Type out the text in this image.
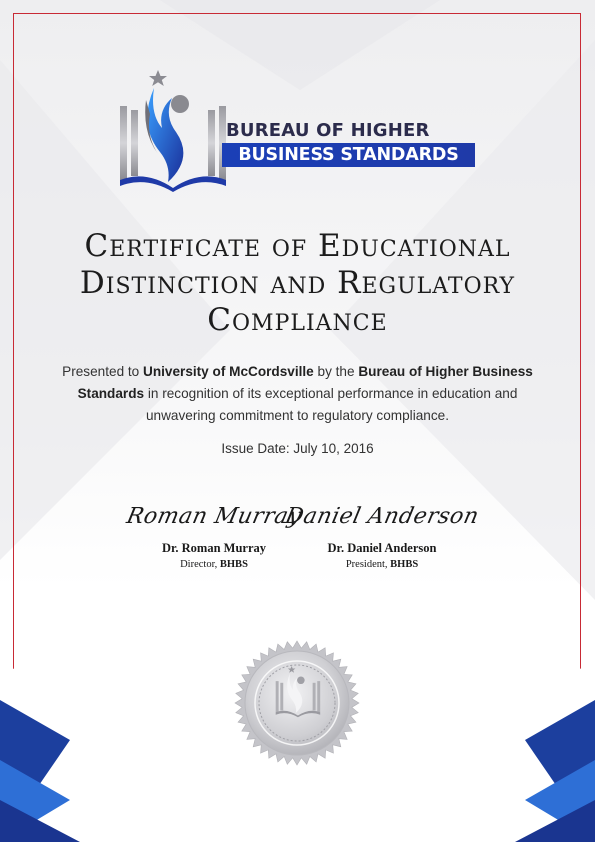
BUREAU OF HIGHER
BUSINESS STANDARDS
Certificate of Educational
Distinction and Regulatory
Compliance
Presented to University of McCordsville by the Bureau of Higher Business Standards in recognition of its exceptional performance in education and unwavering commitment to regulatory compliance.
Issue Date: July 10, 2016
Roman Murray
Dr. Roman Murray
Director, BHBS
Daniel Anderson
Dr. Daniel Anderson
President, BHBS
